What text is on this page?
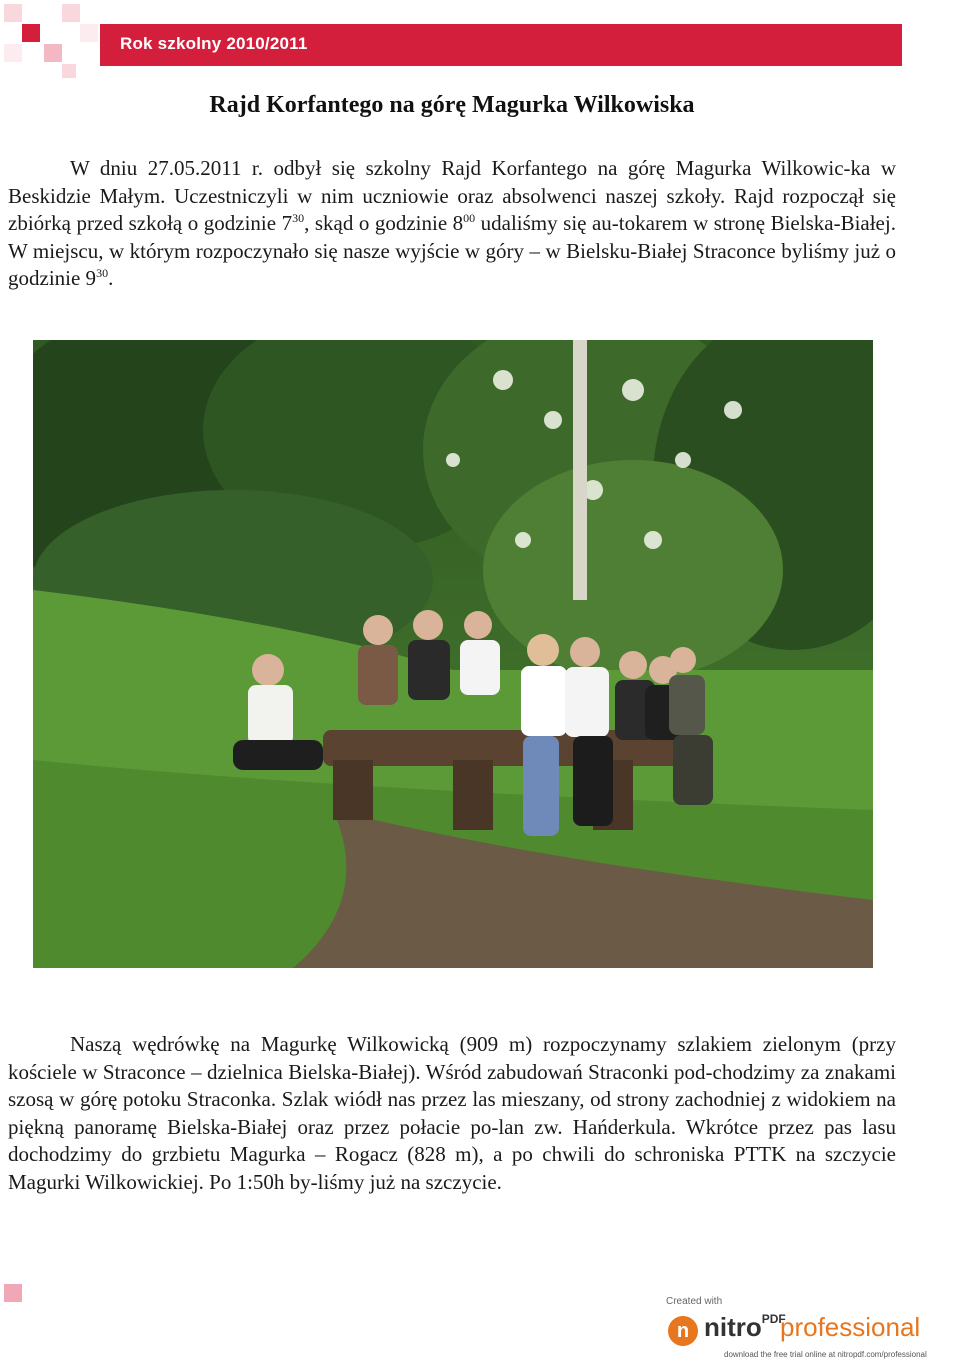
Rok szkolny 2010/2011
Rajd Korfantego na górę Magurka Wilkowiska

W dniu 27.05.2011 r. odbył się szkolny Rajd Korfantego na górę Magurka Wilkowic-ka w Beskidzie Małym. Uczestniczyli w nim uczniowie oraz absolwenci naszej szkoły. Rajd rozpoczął się zbiórką przed szkołą o godzinie $7^{30}$, skąd o godzinie $8^{00}$ udaliśmy się au-tokarem w stronę Bielska-Białej. W miejscu, w którym rozpoczynało się nasze wyjście w góry – w Bielsku-Białej Straconce byliśmy już o godzinie $9^{30}$.

Naszą wędrówkę na Magurkę Wilkowicką (909 m) rozpoczynamy szlakiem zielonym (przy kościele w Straconce – dzielnica Bielska-Białej). Wśród zabudowań Straconki pod-chodzimy za znakami szosą w górę potoku Straconka. Szlak wiódł nas przez las mieszany, od strony zachodniej z widokiem na piękną panoramę Bielska-Białej oraz przez połacie po-lan zw. Hańderkula. Wkrótce przez pas lasu dochodzimy do grzbietu Magurka – Rogacz (828 m), a po chwili do schroniska PTTK na szczycie Magurki Wilkowickiej. Po 1:50h by-liśmy już na szczycie.

Created with
n nitro$^{PDF}$
professional
download the free trial online at nitropdf.com/professional
